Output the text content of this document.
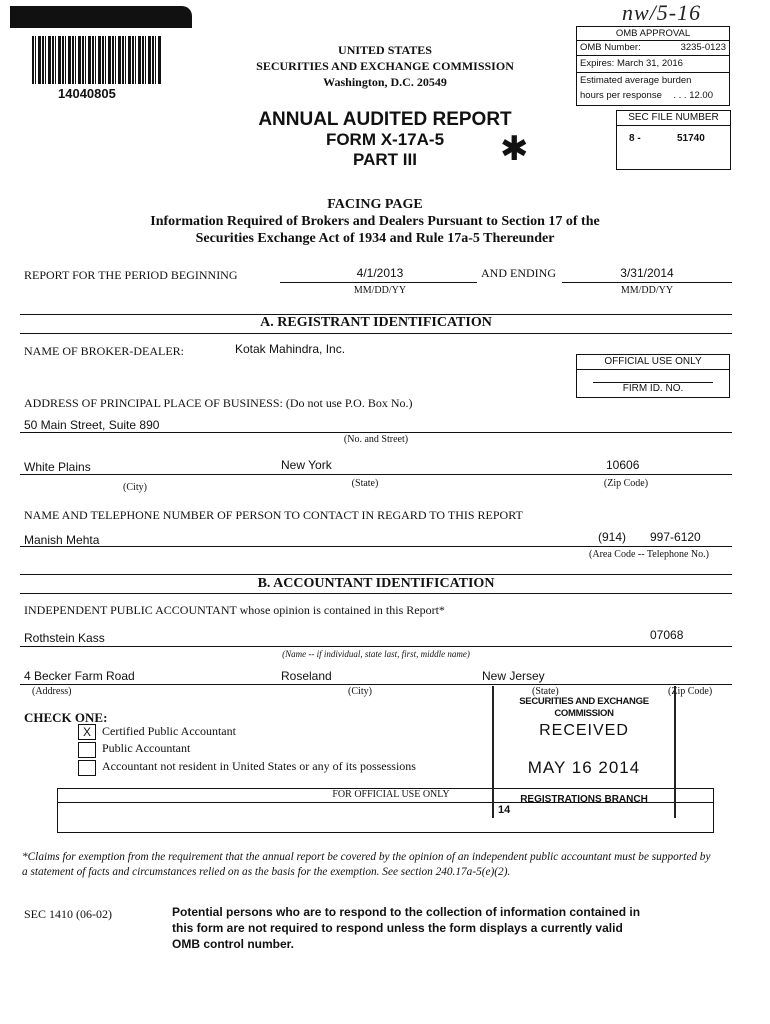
14040805
UNITED STATES
SECURITIES AND EXCHANGE COMMISSION
Washington, D.C. 20549
nw/5-16
OMB APPROVAL
OMB Number:	3235-0123
Expires: March 31, 2016
Estimated average burden
hours per response . . . 12.00
ANNUAL AUDITED REPORT
FORM X-17A-5
PART III	✱
SEC FILE NUMBER
8 -	51740
FACING PAGE
Information Required of Brokers and Dealers Pursuant to Section 17 of the
Securities Exchange Act of 1934 and Rule 17a-5 Thereunder
REPORT FOR THE PERIOD BEGINNING	4/1/2013
MM/DD/YY
AND ENDING	3/31/2014
MM/DD/YY
A. REGISTRANT IDENTIFICATION
NAME OF BROKER-DEALER:	Kotak Mahindra, Inc.
OFFICIAL USE ONLY
FIRM ID. NO.
ADDRESS OF PRINCIPAL PLACE OF BUSINESS: (Do not use P.O. Box No.)
50 Main Street, Suite 890
(No. and Street)
White Plains	New York	10606
(City)	(State)	(Zip Code)
NAME AND TELEPHONE NUMBER OF PERSON TO CONTACT IN REGARD TO THIS REPORT
Manish Mehta	(914) 997-6120
(Area Code -- Telephone No.)
B. ACCOUNTANT IDENTIFICATION
INDEPENDENT PUBLIC ACCOUNTANT whose opinion is contained in this Report*
Rothstein Kass	07068
(Name -- if individual, state last, first, middle name)
4 Becker Farm Road	Roseland	New Jersey
(Address)	(City)	(State)	(Zip Code)
CHECK ONE:
X Certified Public Accountant
Public Accountant
Accountant not resident in United States or any of its possessions
FOR OFFICIAL USE ONLY
SECURITIES AND EXCHANGE COMMISSION
RECEIVED
MAY 16 2014
REGISTRATIONS BRANCH
14
*Claims for exemption from the requirement that the annual report be covered by the opinion of an independent public accountant must be supported by a statement of facts and circumstances relied on as the basis for the exemption. See section 240.17a-5(e)(2).
SEC 1410 (06-02)	Potential persons who are to respond to the collection of information contained in this form are not required to respond unless the form displays a currently valid OMB control number.
